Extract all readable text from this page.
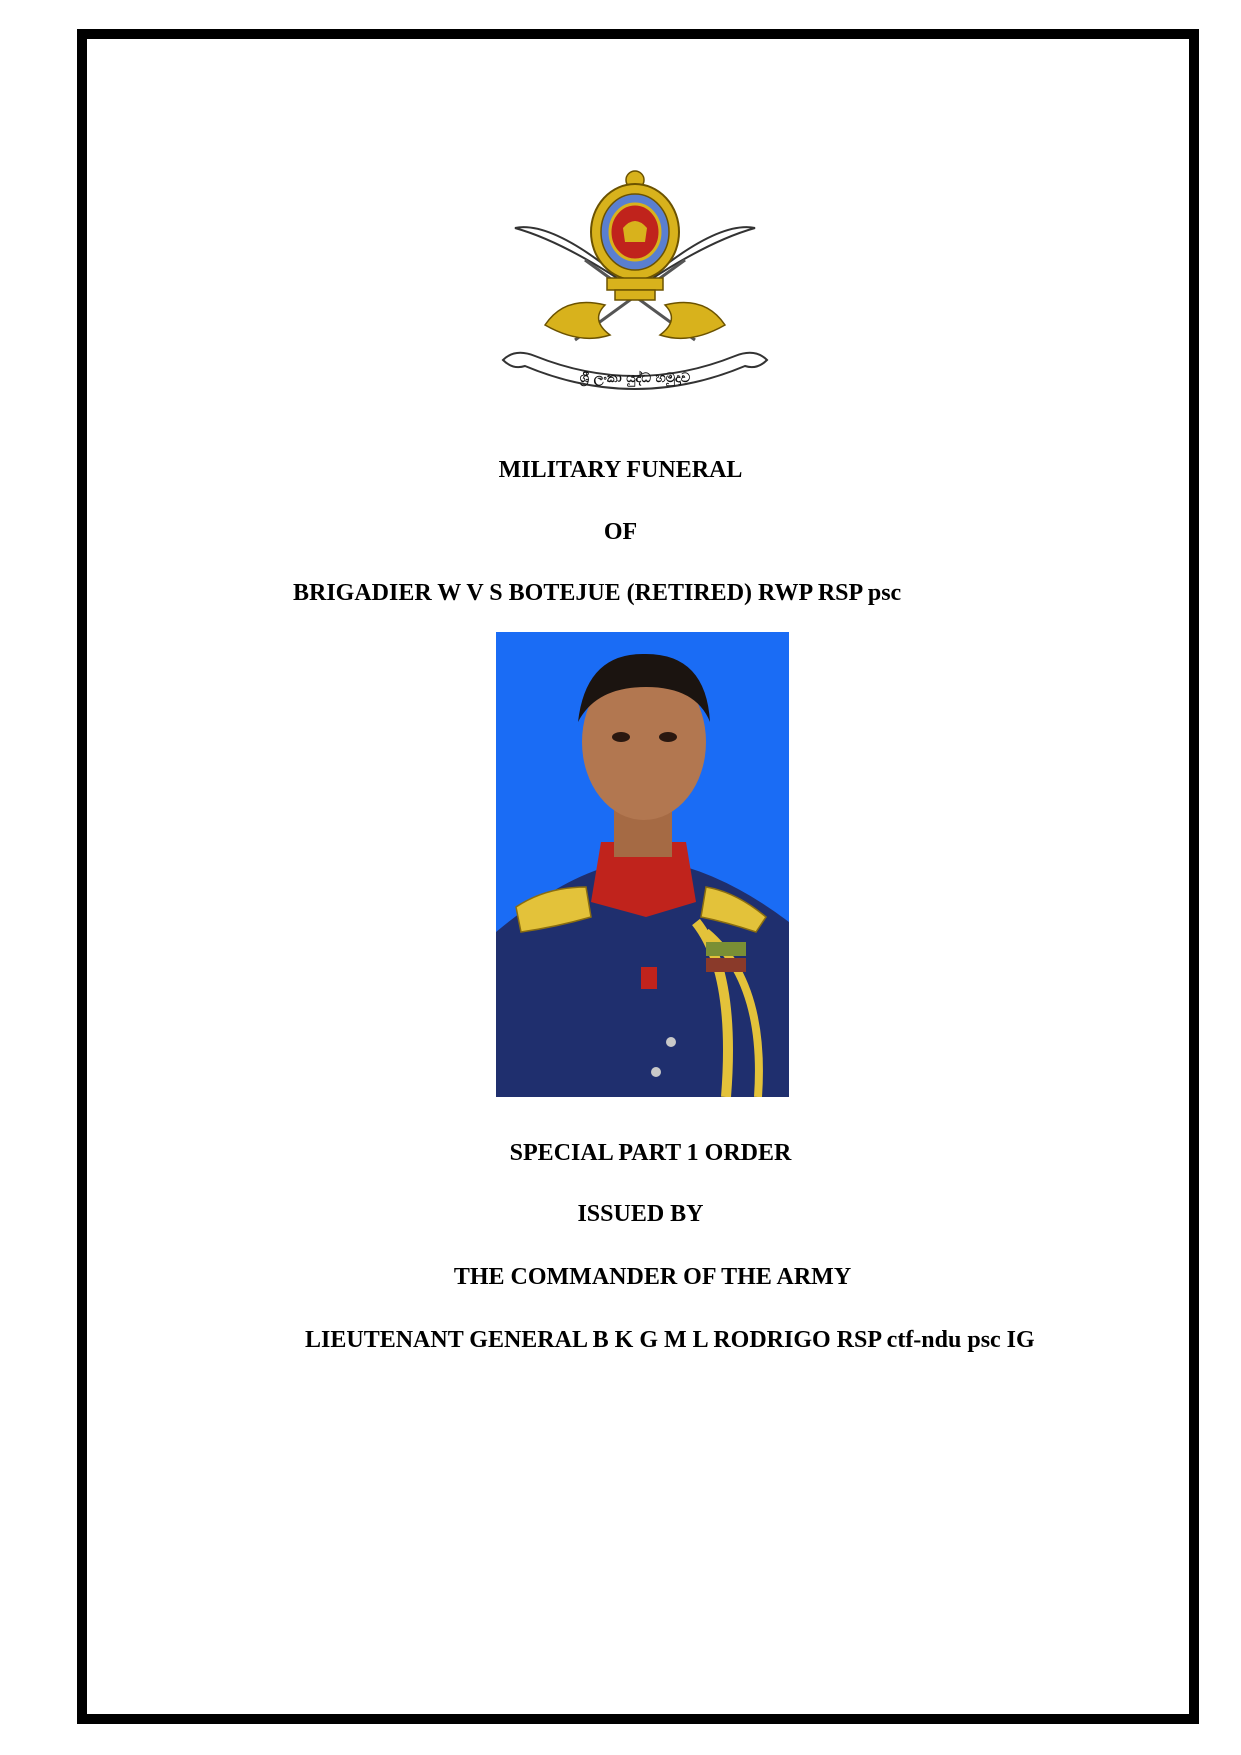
ශ්‍රී ලංකා යුද්ධ හමුදාව
MILITARY FUNERAL
OF
BRIGADIER W V S BOTEJUE (RETIRED) RWP RSP psc
SPECIAL PART 1 ORDER
ISSUED BY
THE COMMANDER OF THE ARMY
LIEUTENANT GENERAL B K G M L RODRIGO RSP ctf-ndu psc IG
